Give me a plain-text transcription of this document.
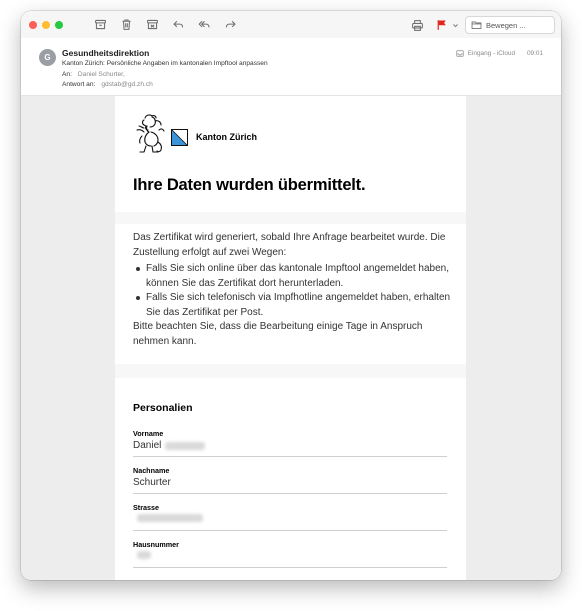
Bewegen ...
G	Gesundheitsdirektion
Kanton Zürich: Persönliche Angaben im kantonalen Impftool anpassen
An: Daniel Schurter,
Antwort an: gdstab@gd.zh.ch
Eingang - iCloud 09:01
Kanton Zürich
Ihre Daten wurden übermittelt.

Das Zertifikat wird generiert, sobald Ihre Anfrage bearbeitet wurde. Die Zustellung erfolgt auf zwei Wegen:

Falls Sie sich online über das kantonale Impftool angemeldet haben, können Sie das Zertifikat dort herunterladen.
Falls Sie sich telefonisch via Impfhotline angemeldet haben, erhalten Sie das Zertifikat per Post.

Bitte beachten Sie, dass die Bearbeitung einige Tage in Anspruch nehmen kann.

Personalien
Vorname
Daniel
Nachname
Schurter
Strasse
Hausnummer
